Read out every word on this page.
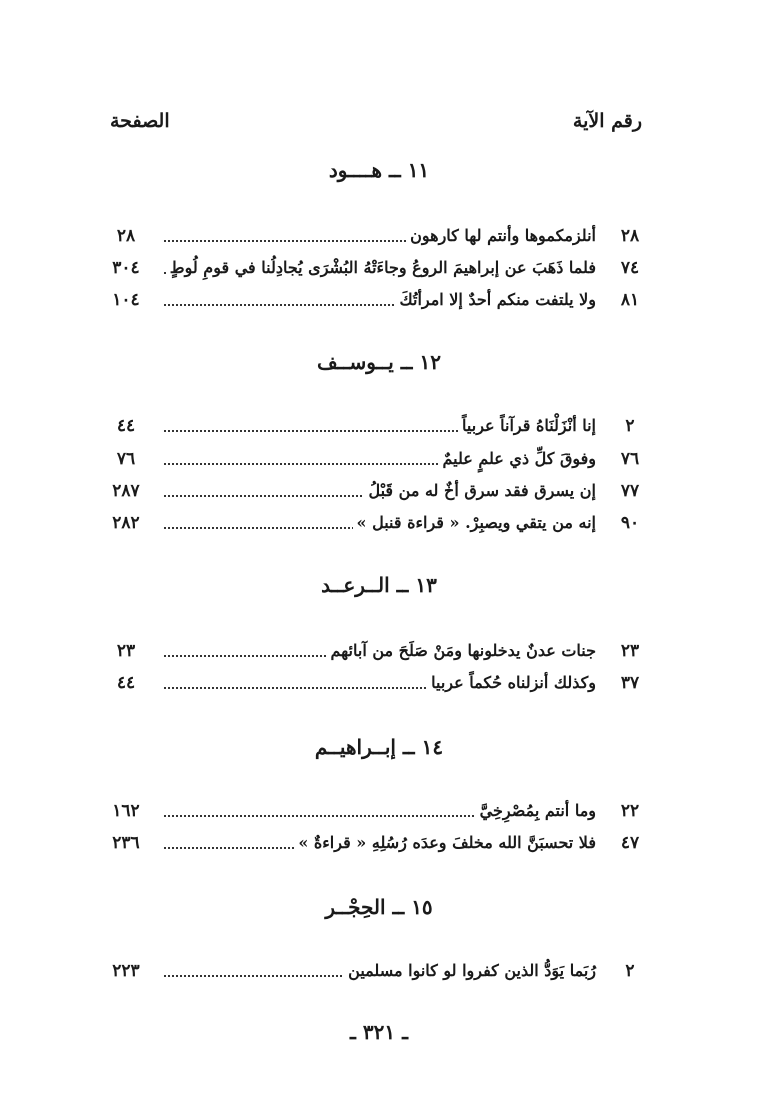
رقم الآية
الصفحة
١١ ــ هــــود
٢٨
أنلزمكموها وأنتم لها كارهون
٢٨
٧٤
فلما ذَهَبَ عن إبراهيمَ الروعُ وجاءَتْهُ البُشْرَى يُجادِلُنا في قومِ لُوطٍ
٣٠٤
٨١
ولا يلتفت منكم أحدٌ إلا امرأتُكَ
١٠٤
١٢ ــ يــوســف
٢
إنا أنْزَلْنَاهُ قرآناً عربياً
٤٤
٧٦
وفوقَ كلِّ ذي علمٍ عليمٌ
٧٦
٧٧
إن يسرق فقد سرق أخٌ له من قَبْلُ
٢٨٧
٩٠
إنه من يتقي ويصبِرْ. « قراءة قنبل »
٢٨٢
١٣ ــ الــرعــد
٢٣
جنات عدنٌ يدخلونها ومَنْ صَلَحَ من آبائهم
٢٣
٣٧
وكذلك أنزلناه حُكماً عربيا
٤٤
١٤ ــ إبــراهيــم
٢٢
وما أنتم بِمُصْرِخِيَّ
١٦٢
٤٧
فلا تحسبَنَّ الله مخلفَ وعدَه رُسُلِهِ « قراءةٌ »
٢٣٦
١٥ ــ الحِجْــر
٢
رُبَما يَوَدُّ الذين كفروا لو كانوا مسلمين
٢٢٣
ـ ٣٢١ ـ
